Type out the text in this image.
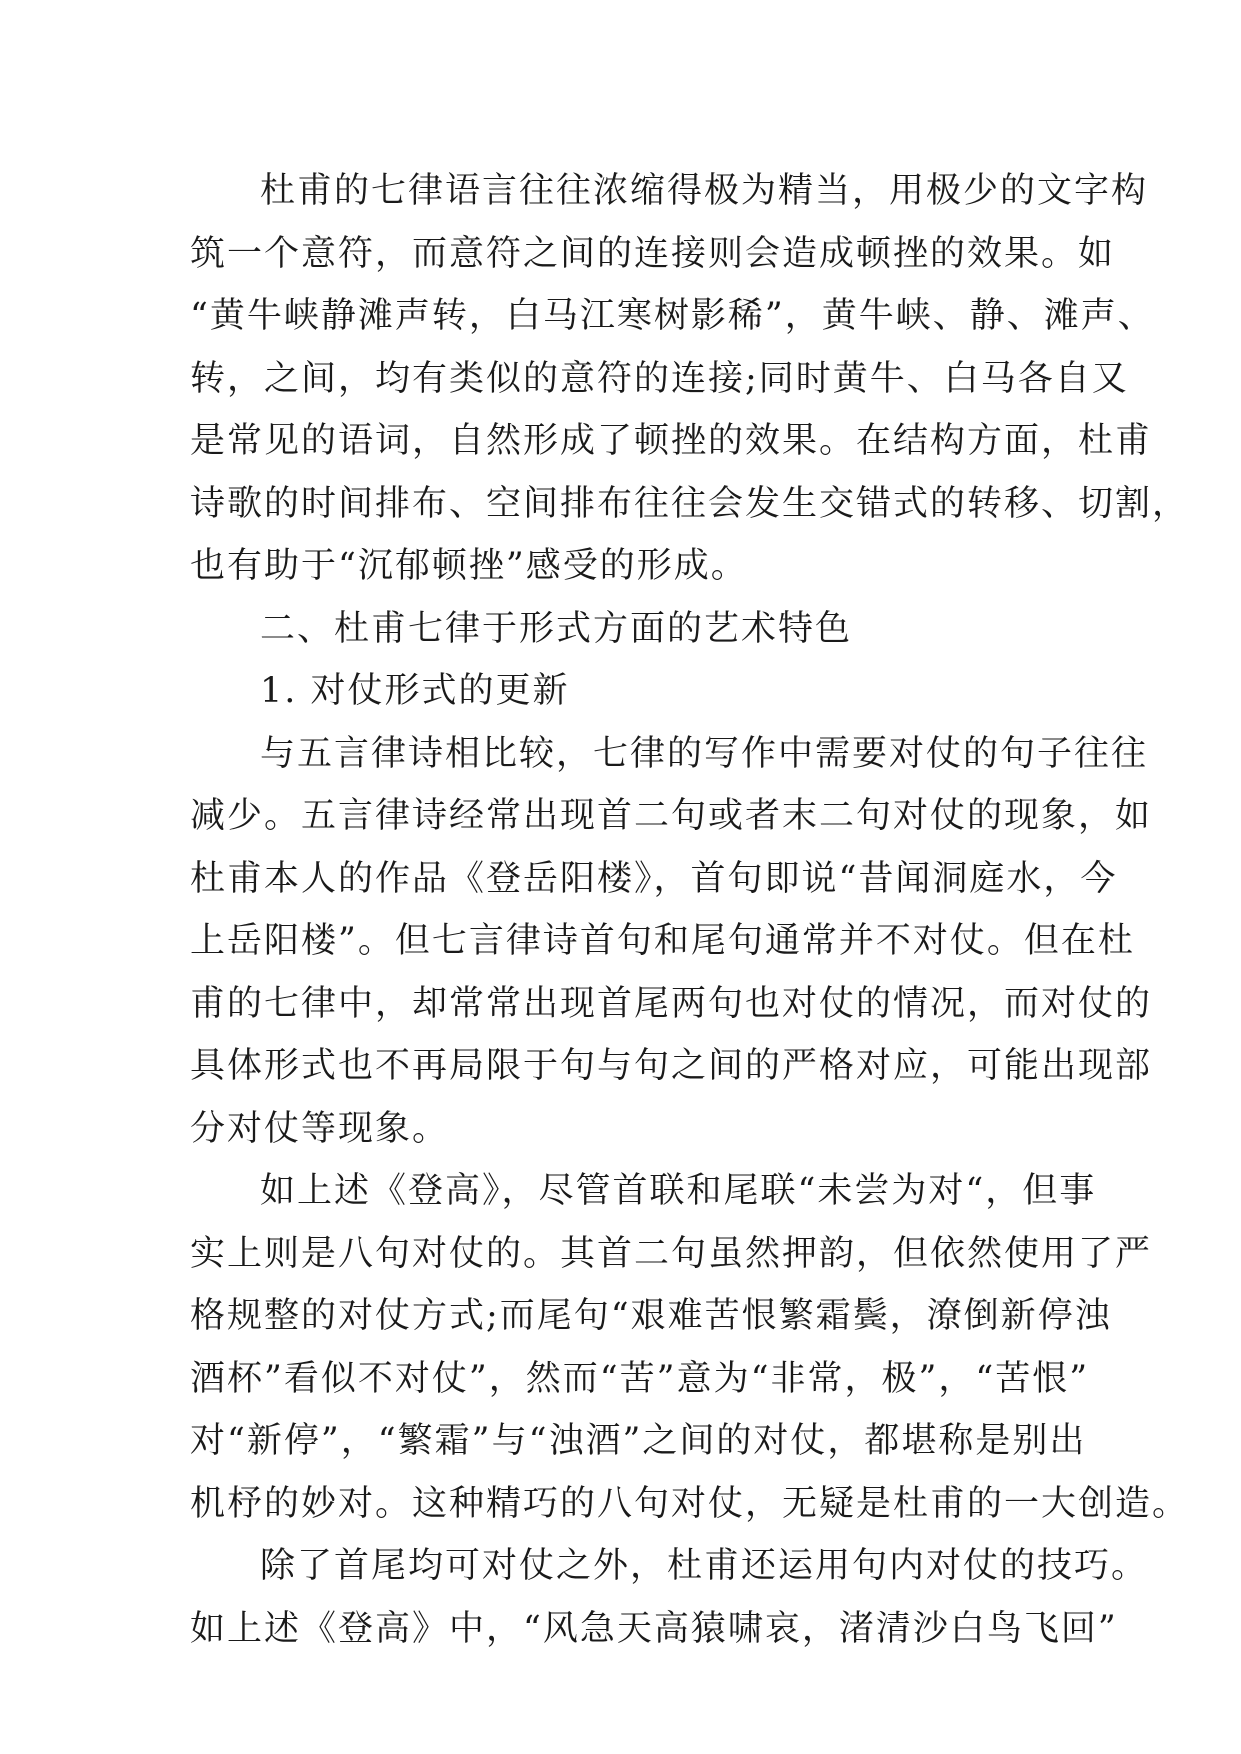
杜甫的七律语言往往浓缩得极为精当，用极少的文字构
筑一个意符，而意符之间的连接则会造成顿挫的效果。如
“黄牛峡静滩声转，白马江寒树影稀”，黄牛峡、静、滩声、
转，之间，均有类似的意符的连接;同时黄牛、白马各自又
是常见的语词，自然形成了顿挫的效果。在结构方面，杜甫
诗歌的时间排布、空间排布往往会发生交错式的转移、切割，
也有助于“沉郁顿挫”感受的形成。
二、杜甫七律于形式方面的艺术特色
1. 对仗形式的更新
与五言律诗相比较，七律的写作中需要对仗的句子往往
减少。五言律诗经常出现首二句或者末二句对仗的现象，如
杜甫本人的作品《登岳阳楼》，首句即说“昔闻洞庭水，今
上岳阳楼”。但七言律诗首句和尾句通常并不对仗。但在杜
甫的七律中，却常常出现首尾两句也对仗的情况，而对仗的
具体形式也不再局限于句与句之间的严格对应，可能出现部
分对仗等现象。
如上述《登高》，尽管首联和尾联“未尝为对“，但事
实上则是八句对仗的。其首二句虽然押韵，但依然使用了严
格规整的对仗方式;而尾句“艰难苦恨繁霜鬓，潦倒新停浊
酒杯”看似不对仗”，然而“苦”意为“非常，极”，“苦恨”
对“新停”，“繁霜”与“浊酒”之间的对仗，都堪称是别出
机杼的妙对。这种精巧的八句对仗，无疑是杜甫的一大创造。
除了首尾均可对仗之外，杜甫还运用句内对仗的技巧。
如上述《登高》中，“风急天高猿啸哀，渚清沙白鸟飞回”
